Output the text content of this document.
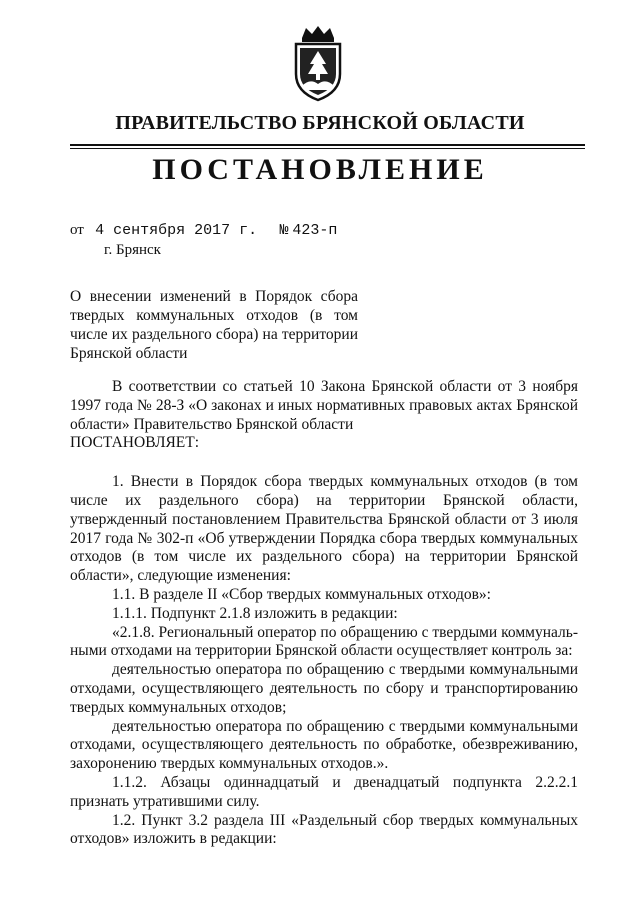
ПРАВИТЕЛЬСТВО БРЯНСКОЙ ОБЛАСТИ
ПОСТАНОВЛЕНИЕ
от 4 сентября 2017 г. № 423-п
г. Брянск
О внесении изменений в Порядок сбора твердых коммунальных отходов (в том числе их раздельного сбора) на территории Брянской области

В соответствии со статьей 10 Закона Брянской области от 3 ноября 1997 года № 28-З «О законах и иных нормативных правовых актах Брянской области» Правительство Брянской области

ПОСТАНОВЛЯЕТ:

1. Внести в Порядок сбора твердых коммунальных отходов (в том числе их раздельного сбора) на территории Брянской области, утвержденный постановлением Правительства Брянской области от 3 июля 2017 года № 302-п «Об утверждении Порядка сбора твердых коммунальных отходов (в том числе их раздельного сбора) на территории Брянской области», следующие изменения:

1.1. В разделе II «Сбор твердых коммунальных отходов»:

1.1.1. Подпункт 2.1.8 изложить в редакции:

«2.1.8. Региональный оператор по обращению с твердыми коммунальными отходами на территории Брянской области осуществляет контроль за:

деятельностью оператора по обращению с твердыми коммунальными отходами, осуществляющего деятельность по сбору и транспортированию твердых коммунальных отходов;

деятельностью оператора по обращению с твердыми коммунальными отходами, осуществляющего деятельность по обработке, обезвреживанию, захоронению твердых коммунальных отходов.».

1.1.2. Абзацы одиннадцатый и двенадцатый подпункта 2.2.2.1 признать утратившими силу.

1.2. Пункт 3.2 раздела III «Раздельный сбор твердых коммунальных отходов» изложить в редакции:
